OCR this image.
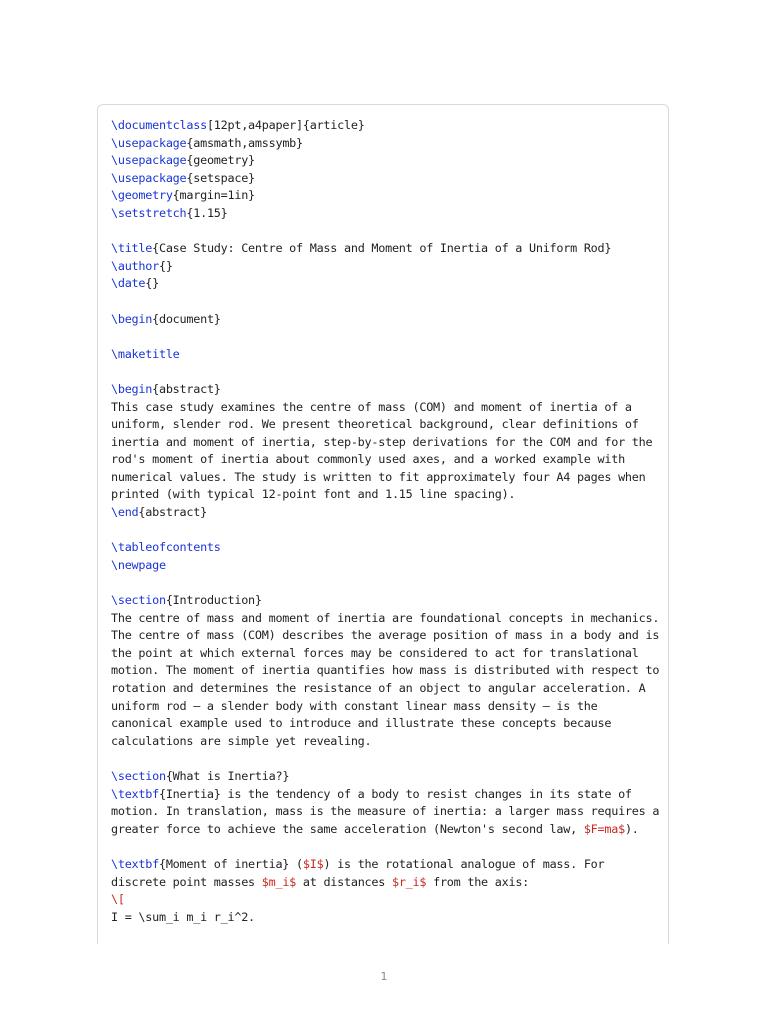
\documentclass[12pt,a4paper]{article}
\usepackage{amsmath,amssymb}
\usepackage{geometry}
\usepackage{setspace}
\geometry{margin=1in}
\setstretch{1.15}
\title{Case Study: Centre of Mass and Moment of Inertia of a Uniform Rod}
\author{}
\date{}
\begin{document}
\maketitle
\begin{abstract}
This case study examines the centre of mass (COM) and moment of inertia of a
uniform, slender rod. We present theoretical background, clear definitions of
inertia and moment of inertia, step-by-step derivations for the COM and for the
rod's moment of inertia about commonly used axes, and a worked example with
numerical values. The study is written to fit approximately four A4 pages when
printed (with typical 12-point font and 1.15 line spacing).
\end{abstract}
\tableofcontents
\newpage
\section{Introduction}
The centre of mass and moment of inertia are foundational concepts in mechanics.
The centre of mass (COM) describes the average position of mass in a body and is
the point at which external forces may be considered to act for translational
motion. The moment of inertia quantifies how mass is distributed with respect to
rotation and determines the resistance of an object to angular acceleration. A
uniform rod — a slender body with constant linear mass density — is the
canonical example used to introduce and illustrate these concepts because
calculations are simple yet revealing.
\section{What is Inertia?}
\textbf{Inertia} is the tendency of a body to resist changes in its state of
motion. In translation, mass is the measure of inertia: a larger mass requires a
greater force to achieve the same acceleration (Newton's second law, $F=ma$).
\textbf{Moment of inertia} ($I$) is the rotational analogue of mass. For
discrete point masses $m_i$ at distances $r_i$ from the axis:
\[
I = \sum_i m_i r_i^2.
1
